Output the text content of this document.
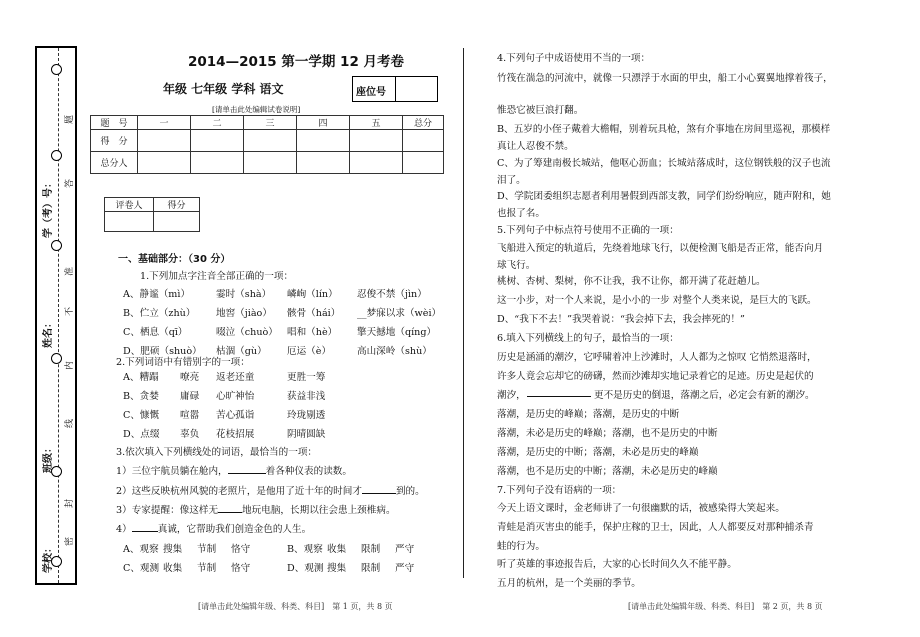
学（考）号：
姓名：
班级：
学校：
题
答
准
不
内
线
封
密
2014—2015 第一学期 12 月考卷
年级 七年级 学科 语文	座位号
[请单击此处编辑试卷说明]
题　号	一	二	三	四	五	总分
得　分						
总分人						
评卷人	得分

一、基础部分：（30 分）
1.下列加点字注音全部正确的一项：
A、静谧（mì）	霎时（shà） 嶙峋（lín） 忍俊不禁（jìn）
B、伫立（zhù） 地窖（jiào） 骸骨（hái） __梦寐以求（wèi）
C、栖息（qī）	啜泣（chuò） 唱和（hè） 擎天撼地（qíng）
D、肥硕（shuò） 枯涸（gù） 厄运（è）	高山深岭（shù）
2.下列词语中有错别字的一项：
A、糟蹋 嘹亮 返老还童	更胜一筹
B、贪婪 庸碌 心旷神怡	获益非浅
C、慷慨 喧嚣 苦心孤诣	玲珑剔透
D、点缀 辜负 花枝招展	阴晴圆缺
3.依次填入下列横线处的词语，最恰当的一项：
1）三位宇航员躺在舱内，	着各种仪表的读数。
2）这些反映杭州风貌的老照片，是他用了近十年的时间才	到的。
3）专家提醒：像这样无	地玩电脑，长期以往会患上颈椎病。
4）	真诚，它帮助我们创造金色的人生。
A、观察 搜集 节制 恪守	B、观察 收集 限制 严守
C、观测 收集 节制 恪守	D、观测 搜集 限制 严守
4.下列句子中成语使用不当的一项：
竹筏在湍急的河流中，就像一只漂浮于水面的甲虫，船工小心翼翼地撑着筏子，
惟恐它被巨浪打翻。
B、五岁的小侄子戴着大檐帽，别着玩具枪，煞有介事地在房间里巡视，那模样真让人忍俊不禁。
C、为了筹建南极长城站，他呕心沥血；长城站落成时，这位钢铁般的汉子也流泪了。
D、学院团委组织志愿者利用暑假到西部支教，同学们纷纷响应，随声附和，她也报了名。
5.下列句子中标点符号使用不正确的一项：
飞船进入预定的轨道后，先绕着地球飞行，以便检测飞船是否正常，能否向月球飞行。
桃树、杏树、梨树，你不让我，我不让你，都开满了花赶趟儿。
这一小步，对一个人来说，是小小的一步 对整个人类来说，是巨大的飞跃。
D、“我下不去！”我哭着说：“我会掉下去，我会摔死的！”
6.填入下列横线上的句子，最恰当的一项：
历史是涵涌的潮汐，它呼啸着冲上沙滩时，人人都为之惊叹 它悄然退落时，
许多人竟会忘却它的磅礴，然而沙滩却实地记录着它的足迹。历史是起伏的
潮汐，	更不是历史的倒退，落潮之后，必定会有新的潮汐。
落潮，是历史的峰巅；落潮，是历史的中断
落潮，未必是历史的峰巅；落潮，也不是历史的中断
落潮，是历史的中断；落潮，未必是历史的峰巅
落潮，也不是历史的中断；落潮，未必是历史的峰巅
7.下列句子没有语病的一项：
今天上语文课时，金老师讲了一句很幽默的话，被感染得大笑起来。
青蛙是消灭害虫的能手，保护庄稼的卫士，因此，人人都要反对那种捕杀青
蛙的行为。
听了英雄的事迹报告后，大家的心长时间久久不能平静。
五月的杭州，是一个美丽的季节。
[请单击此处编辑年级、科类、科目]　第 1 页，共 8 页	[请单击此处编辑年级、科类、科目]　第 2 页，共 8 页
